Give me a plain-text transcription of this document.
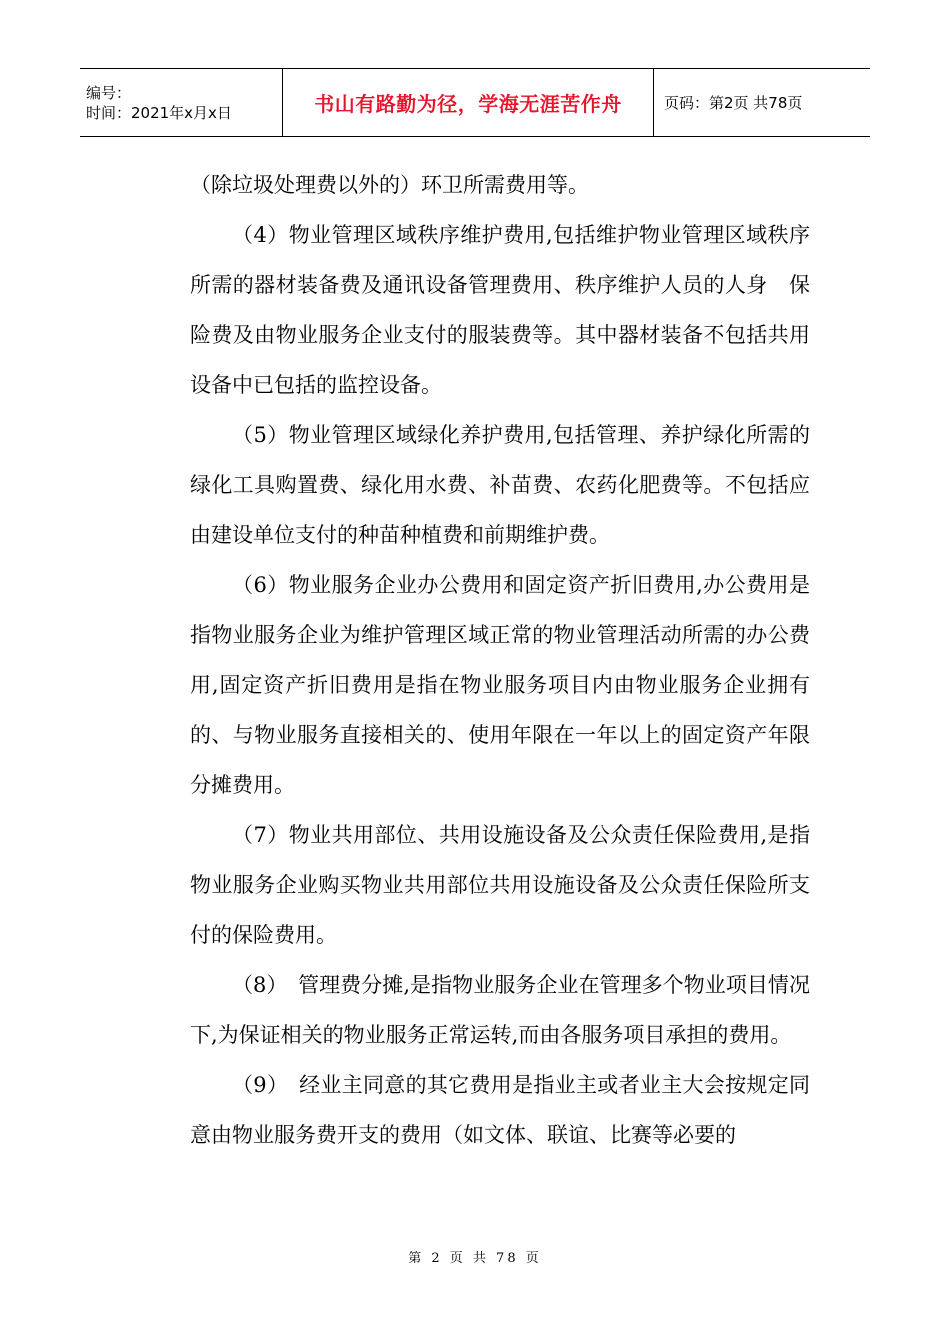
编号：
时间：2021年x月x日	书山有路勤为径，学海无涯苦作舟	页码：第2页 共78页

（除垃圾处理费以外的）环卫所需费用等。

（4）物业管理区域秩序维护费用,包括维护物业管理区域秩序所需的器材装备费及通讯设备管理费用、秩序维护人员的人身　保险费及由物业服务企业支付的服装费等。其中器材装备不包括共用设备中已包括的监控设备。

（5）物业管理区域绿化养护费用,包括管理、养护绿化所需的绿化工具购置费、绿化用水费、补苗费、农药化肥费等。不包括应由建设单位支付的种苗种植费和前期维护费。

（6）物业服务企业办公费用和固定资产折旧费用,办公费用是指物业服务企业为维护管理区域正常的物业管理活动所需的办公费用,固定资产折旧费用是指在物业服务项目内由物业服务企业拥有的、与物业服务直接相关的、使用年限在一年以上的固定资产年限分摊费用。

（7）物业共用部位、共用设施设备及公众责任保险费用,是指物业服务企业购买物业共用部位共用设施设备及公众责任保险所支付的保险费用。

（8）　管理费分摊,是指物业服务企业在管理多个物业项目情况下,为保证相关的物业服务正常运转,而由各服务项目承担的费用。

（9）　经业主同意的其它费用是指业主或者业主大会按规定同意由物业服务费开支的费用（如文体、联谊、比赛等必要的

第 2 页 共 78 页
